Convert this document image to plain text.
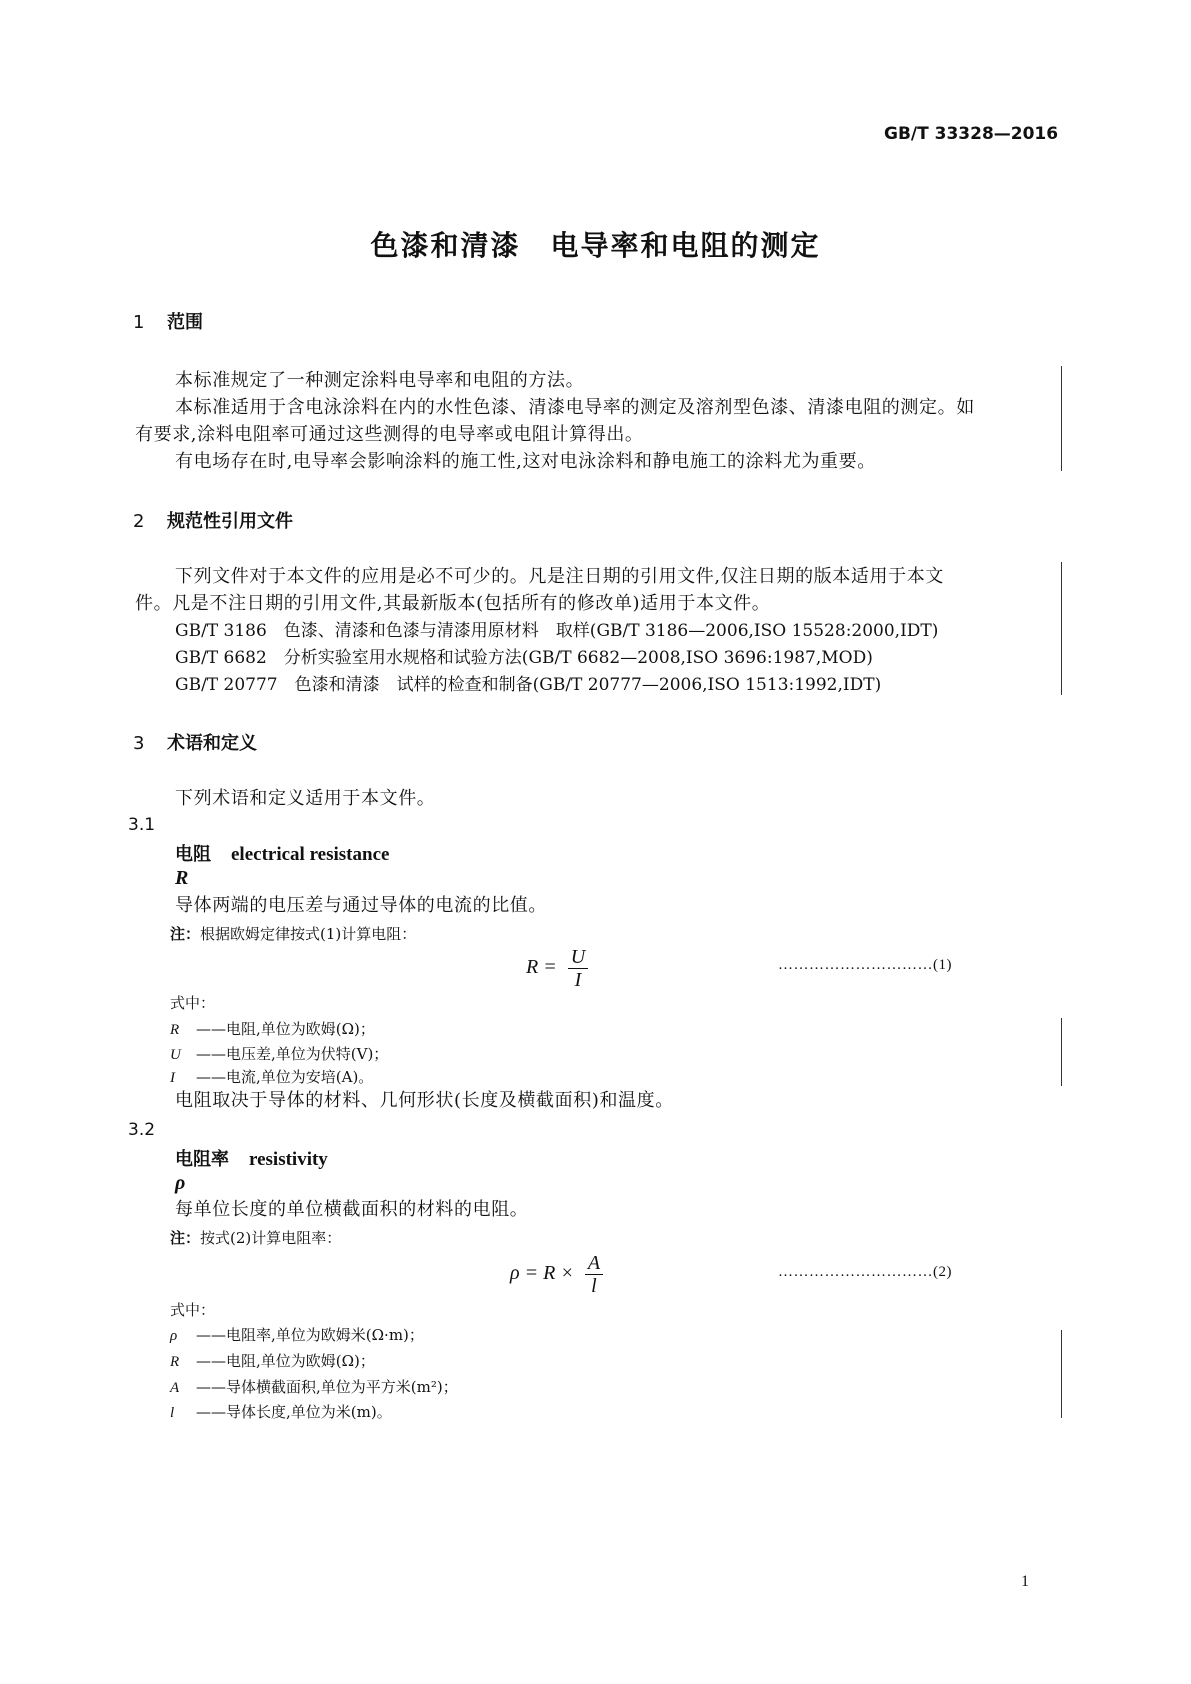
GB/T 33328—2016
色漆和清漆　电导率和电阻的测定
1 范围
本标准规定了一种测定涂料电导率和电阻的方法。
本标准适用于含电泳涂料在内的水性色漆、清漆电导率的测定及溶剂型色漆、清漆电阻的测定。如
有要求,涂料电阻率可通过这些测得的电导率或电阻计算得出。
有电场存在时,电导率会影响涂料的施工性,这对电泳涂料和静电施工的涂料尤为重要。
2 规范性引用文件
下列文件对于本文件的应用是必不可少的。凡是注日期的引用文件,仅注日期的版本适用于本文
件。凡是不注日期的引用文件,其最新版本(包括所有的修改单)适用于本文件。
GB/T 3186　色漆、清漆和色漆与清漆用原材料　取样(GB/T 3186—2006,ISO 15528:2000,IDT)
GB/T 6682　分析实验室用水规格和试验方法(GB/T 6682—2008,ISO 3696:1987,MOD)
GB/T 20777　色漆和清漆　试样的检查和制备(GB/T 20777—2006,ISO 1513:1992,IDT)
3 术语和定义
下列术语和定义适用于本文件。
3.1
电阻 electrical resistance
R
导体两端的电压差与通过导体的电流的比值。
注：根据欧姆定律按式(1)计算电阻：
$R = \frac{U}{I}$	…………………………(1)
式中：
R ——电阻,单位为欧姆(Ω)；
U ——电压差,单位为伏特(V)；
I ——电流,单位为安培(A)。
电阻取决于导体的材料、几何形状(长度及横截面积)和温度。
3.2
电阻率 resistivity
ρ
每单位长度的单位横截面积的材料的电阻。
注：按式(2)计算电阻率：
$\rho = R \times \frac{A}{l}$	…………………………(2)
式中：
ρ ——电阻率,单位为欧姆米(Ω·m)；
R ——电阻,单位为欧姆(Ω)；
A ——导体横截面积,单位为平方米(m²)；
l ——导体长度,单位为米(m)。
1
